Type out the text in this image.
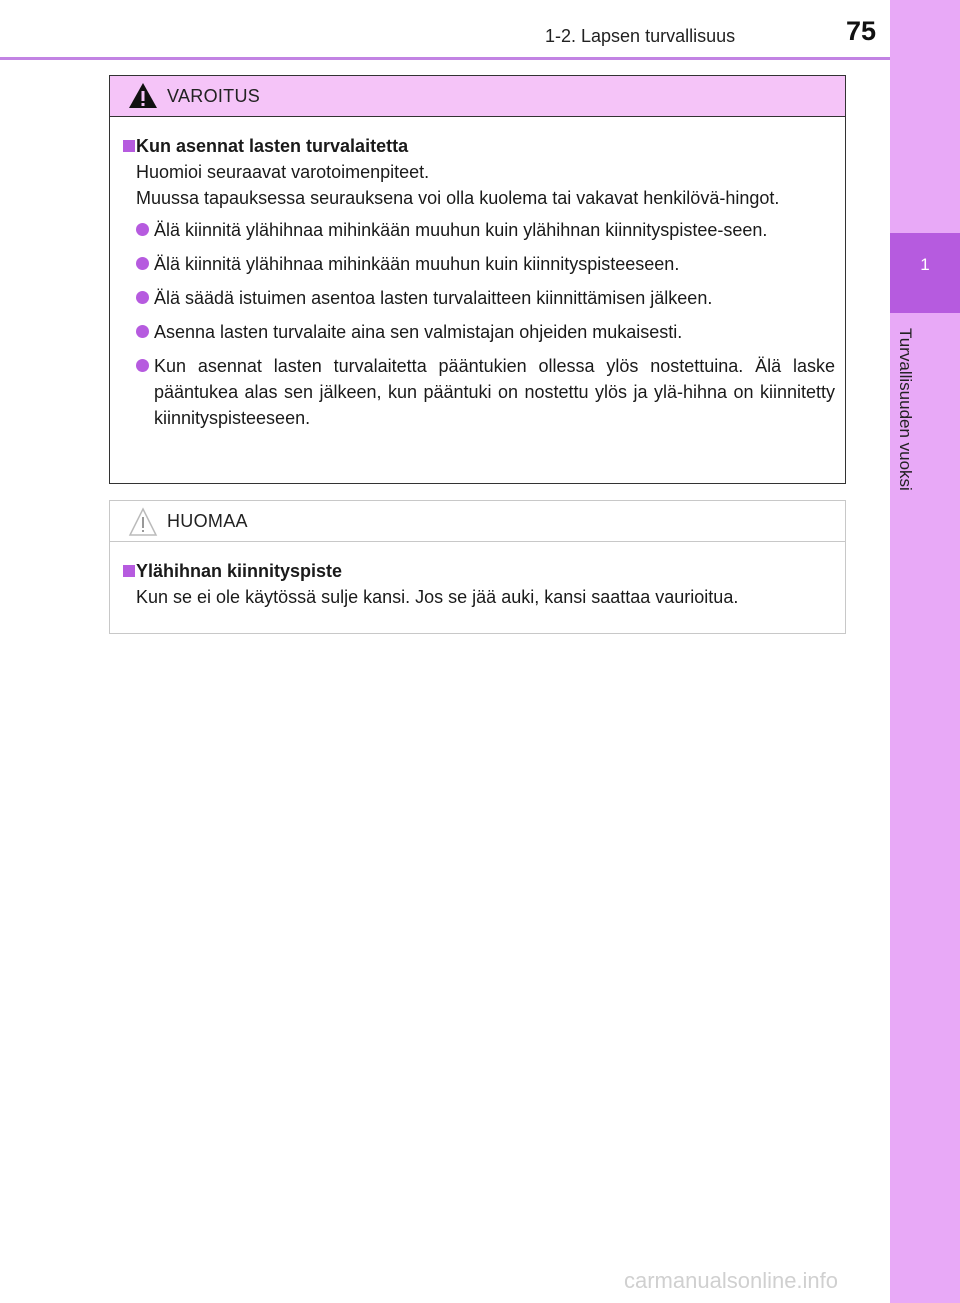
1
Turvallisuuden vuoksi
1-2. Lapsen turvallisuus	75
VAROITUS
Kun asennat lasten turvalaitetta
Huomioi seuraavat varotoimenpiteet.
Muussa tapauksessa seurauksena voi olla kuolema tai vakavat henkilövä-hingot.
Älä kiinnitä ylähihnaa mihinkään muuhun kuin ylähihnan kiinnityspistee-seen.
Älä kiinnitä ylähihnaa mihinkään muuhun kuin kiinnityspisteeseen.
Älä säädä istuimen asentoa lasten turvalaitteen kiinnittämisen jälkeen.
Asenna lasten turvalaite aina sen valmistajan ohjeiden mukaisesti.
Kun asennat lasten turvalaitetta pääntukien ollessa ylös nostettuina. Älä laske pääntukea alas sen jälkeen, kun pääntuki on nostettu ylös ja ylä-hihna on kiinnitetty kiinnityspisteeseen.
HUOMAA
Ylähihnan kiinnityspiste
Kun se ei ole käytössä sulje kansi. Jos se jää auki, kansi saattaa vaurioitua.
carmanualsonline.info
